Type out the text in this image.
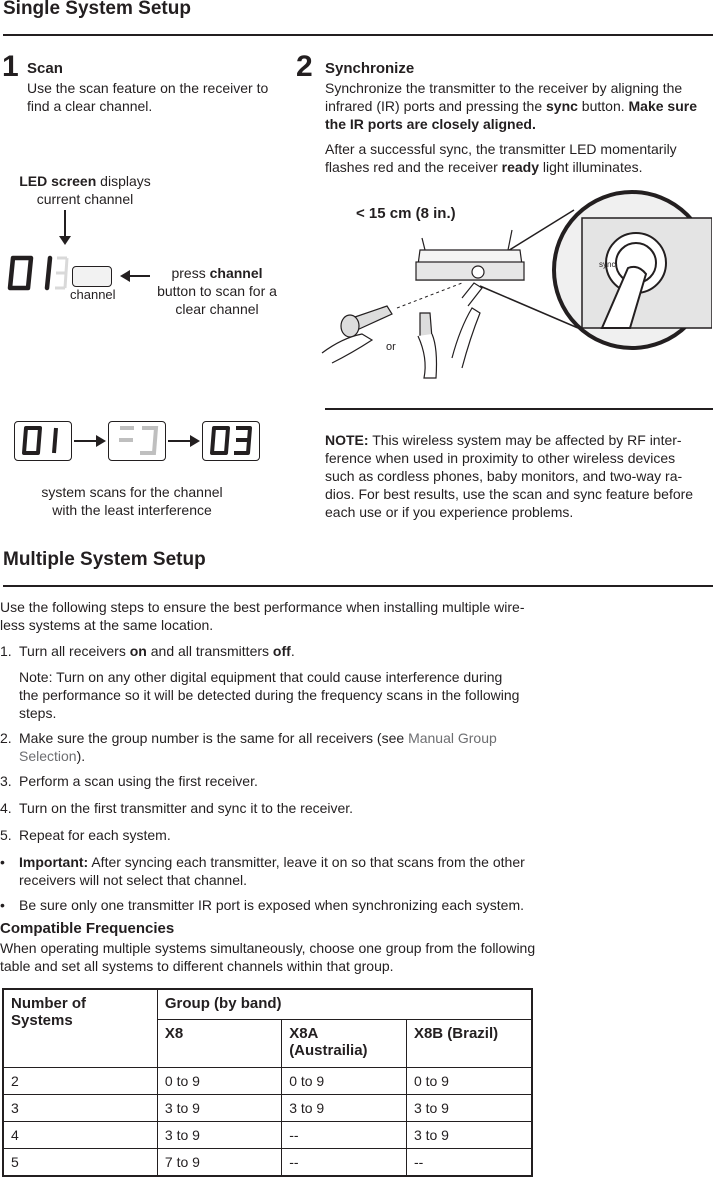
Single System Setup
1 Scan
Use the scan feature on the receiver to find a clear channel.
LED screen displays
current channel
channel
press channel
button to scan for a
clear channel
system scans for the channel
with the least interference
2 Synchronize
Synchronize the transmitter to the receiver by aligning the
infrared (IR) ports and pressing the sync button. Make sure
the IR ports are closely aligned.
After a successful sync, the transmitter LED momentarily
flashes red and the receiver ready light illuminates.
< 15 cm (8 in.)
or
sync
NOTE: This wireless system may be affected by RF inter-
ference when used in proximity to other wireless devices
such as cordless phones, baby monitors, and two-way ra-
dios. For best results, use the scan and sync feature before
each use or if you experience problems.
Multiple System Setup
Use the following steps to ensure the best performance when installing multiple wire-
less systems at the same location.
1. Turn all receivers on and all transmitters off.
Note: Turn on any other digital equipment that could cause interference during
the performance so it will be detected during the frequency scans in the following
steps.
2. Make sure the group number is the same for all receivers (see Manual Group
Selection).
3. Perform a scan using the first receiver.
4. Turn on the first transmitter and sync it to the receiver.
5. Repeat for each system.
• Important: After syncing each transmitter, leave it on so that scans from the other
receivers will not select that channel.
• Be sure only one transmitter IR port is exposed when synchronizing each system.
Compatible Frequencies
When operating multiple systems simultaneously, choose one group from the following
table and set all systems to different channels within that group.
Number of
Systems	Group (by band)		
	X8	X8A
(Austrailia)	X8B (Brazil)
2	0 to 9	0 to 9	0 to 9
3	3 to 9	3 to 9	3 to 9
4	3 to 9	--	3 to 9
5	7 to 9	--	--
